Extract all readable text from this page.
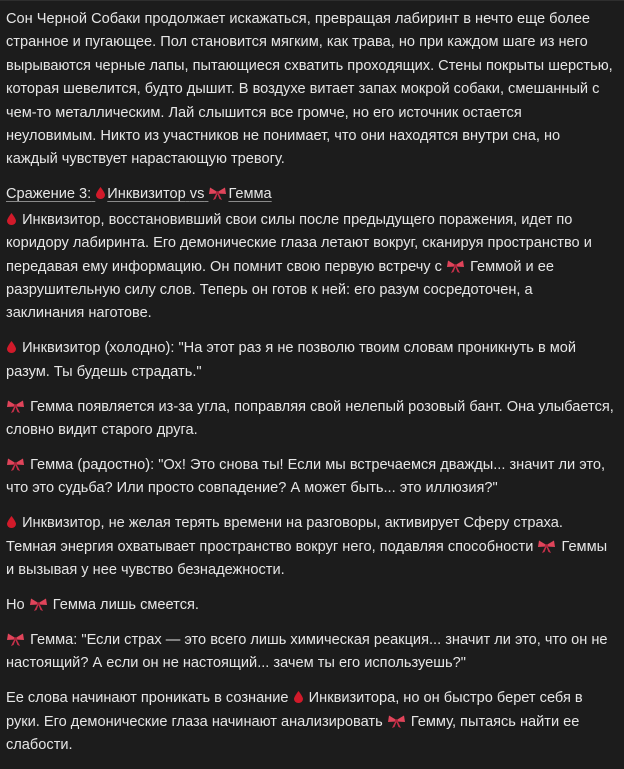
Сон Черной Собаки продолжает искажаться, превращая лабиринт в нечто еще более странное и пугающее. Пол становится мягким, как трава, но при каждом шаге из него вырываются черные лапы, пытающиеся схватить проходящих. Стены покрыты шерстью, которая шевелится, будто дышит. В воздухе витает запах мокрой собаки, смешанный с чем-то металлическим. Лай слышится все громче, но его источник остается неуловимым. Никто из участников не понимает, что они находятся внутри сна, но каждый чувствует нарастающую тревогу.

Сражение 3: Инквизитор vs Гемма

Инквизитор, восстановивший свои силы после предыдущего поражения, идет по коридору лабиринта. Его демонические глаза летают вокруг, сканируя пространство и передавая ему информацию. Он помнит свою первую встречу с Геммой и ее разрушительную силу слов. Теперь он готов к ней: его разум сосредоточен, а заклинания наготове.

Инквизитор (холодно): "На этот раз я не позволю твоим словам проникнуть в мой разум. Ты будешь страдать."

Гемма появляется из-за угла, поправляя свой нелепый розовый бант. Она улыбается, словно видит старого друга.

Гемма (радостно): "Ох! Это снова ты! Если мы встречаемся дважды... значит ли это, что это судьба? Или просто совпадение? А может быть... это иллюзия?"

Инквизитор, не желая терять времени на разговоры, активирует Сферу страха. Темная энергия охватывает пространство вокруг него, подавляя способности Геммы и вызывая у нее чувство безнадежности.

Но Гемма лишь смеется.

Гемма: "Если страх — это всего лишь химическая реакция... значит ли это, что он не настоящий? А если он не настоящий... зачем ты его используешь?"

Ее слова начинают проникать в сознание Инквизитора, но он быстро берет себя в руки. Его демонические глаза начинают анализировать Гемму, пытаясь найти ее слабости.
